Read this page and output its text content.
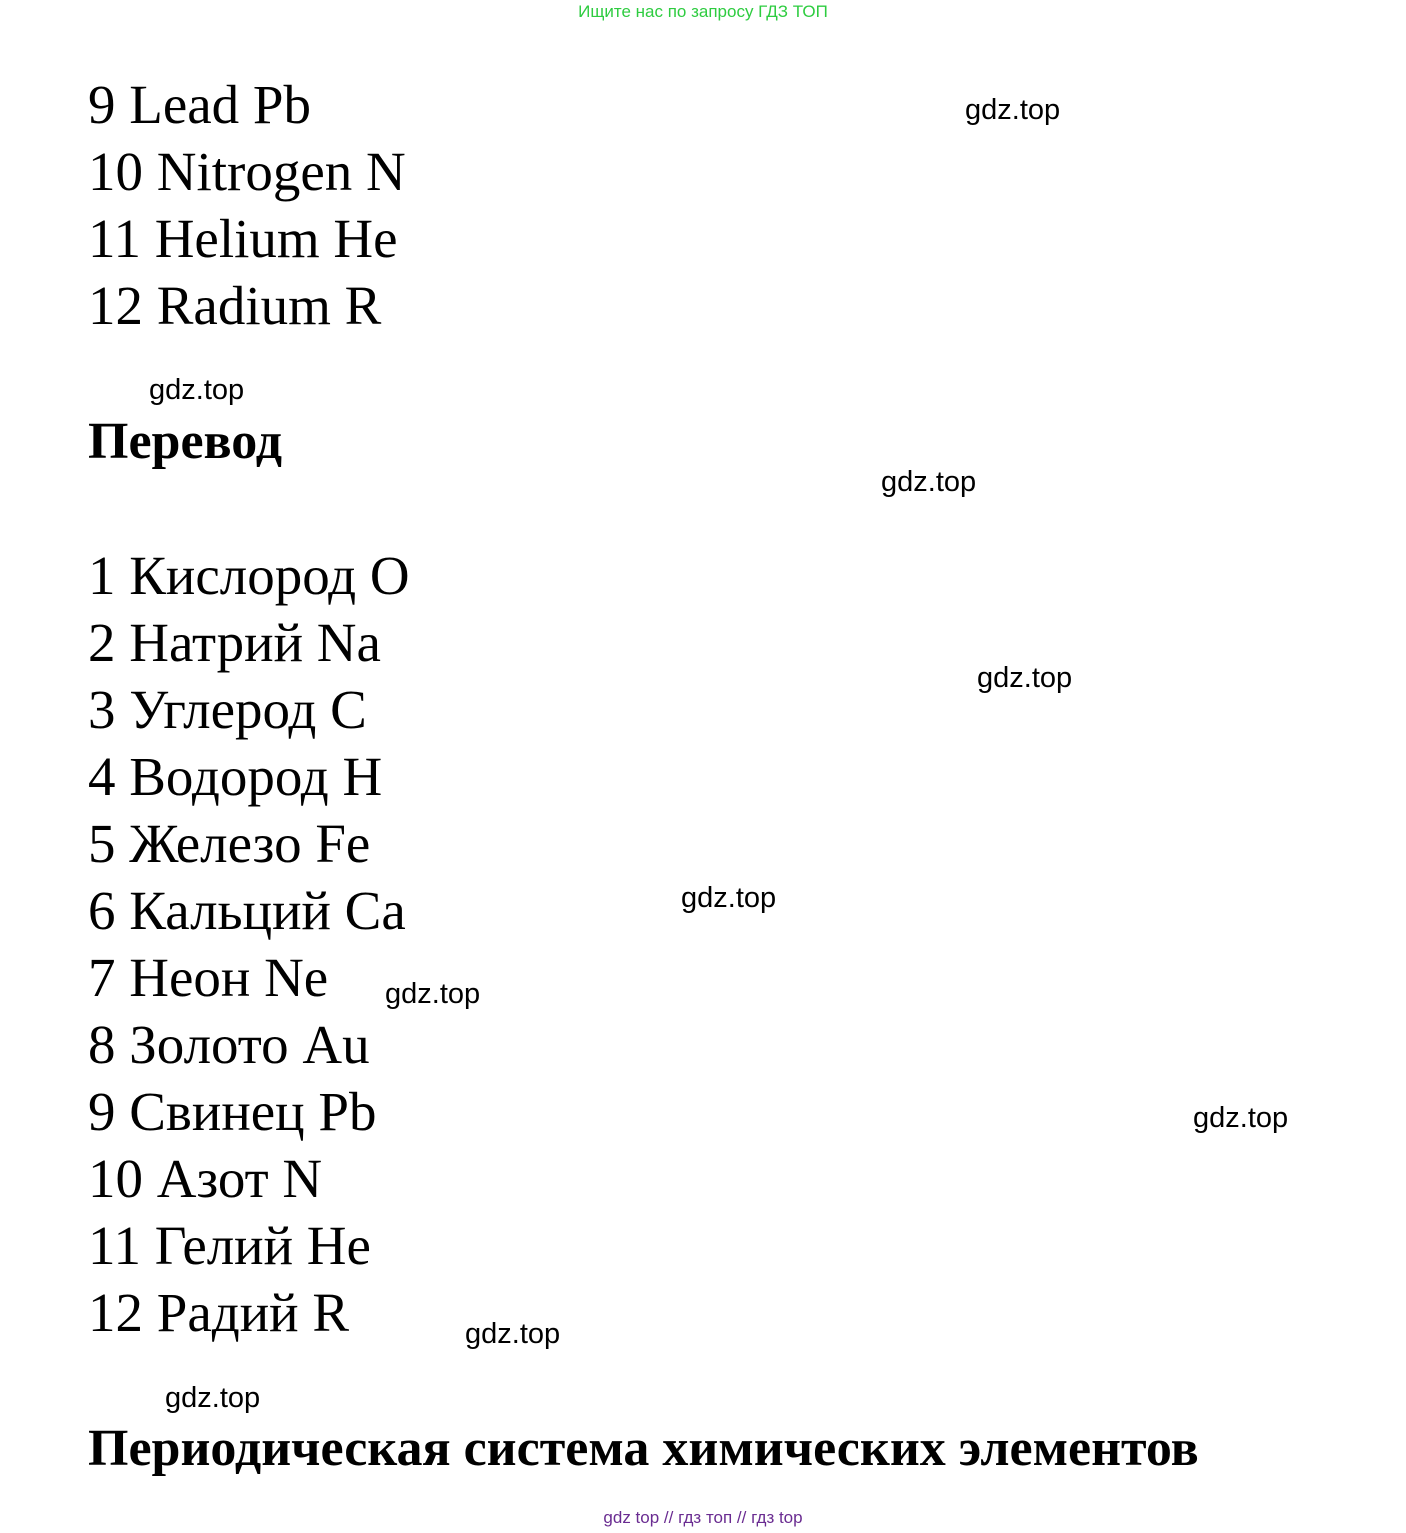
Ищите нас по запросу ГДЗ ТОП
9 Lead Pb
10 Nitrogen N
11 Helium He
12 Radium R
Перевод
1 Кислород O
2 Натрий Na
3 Углерод C
4 Водород H
5 Железо Fe
6 Кальций Ca
7 Неон Ne
8 Золото Au
9 Свинец Pb
10 Азот N
11 Гелий He
12 Радий R
Периодическая система химических элементов
gdz.top
gdz.top
gdz.top
gdz.top
gdz.top
gdz.top
gdz.top
gdz.top
gdz.top
gdz top // гдз топ // гдз top
